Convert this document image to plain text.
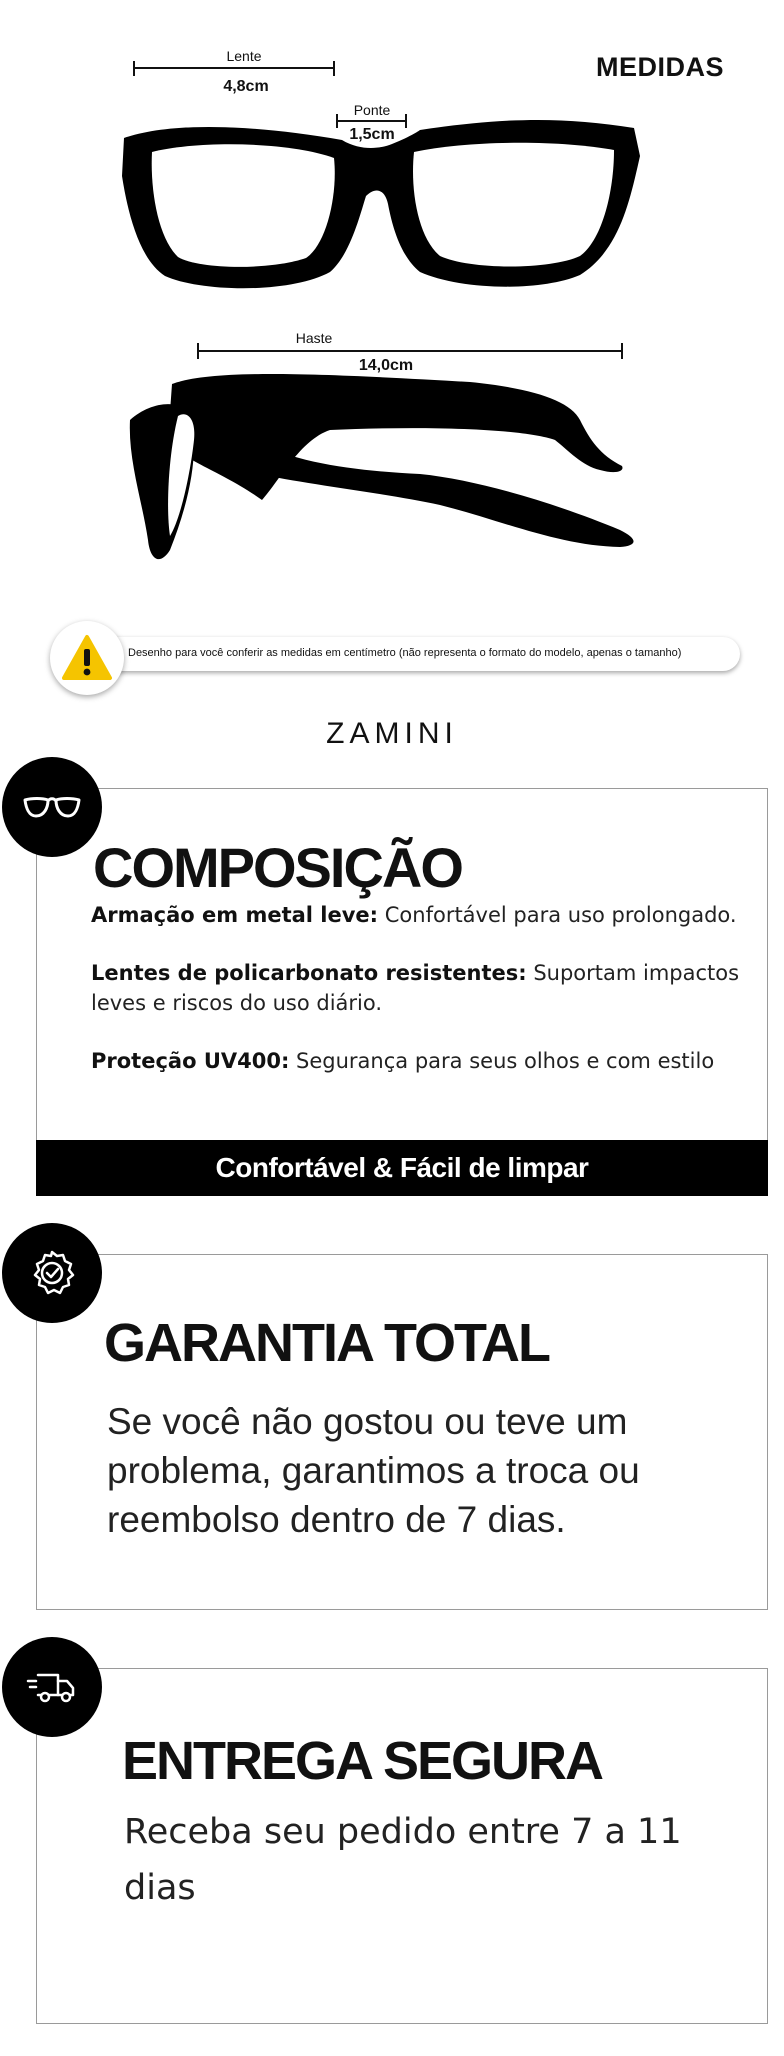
MEDIDAS
Lente
4,8cm
Ponte
1,5cm
Haste
14,0cm
Desenho para você conferir as medidas em centímetro (não representa o formato do modelo, apenas o tamanho)
ZAMINI
COMPOSIÇÃO
Armação em metal leve: Confortável para uso prolongado.
Lentes de policarbonato resistentes: Suportam impactos leves e riscos do uso diário.
Proteção UV400: Segurança para seus olhos e com estilo
Confortável & Fácil de limpar
GARANTIA TOTAL
Se você não gostou ou teve um problema, garantimos a troca ou reembolso dentro de 7 dias.
ENTREGA SEGURA
Receba seu pedido entre 7 a 11 dias
